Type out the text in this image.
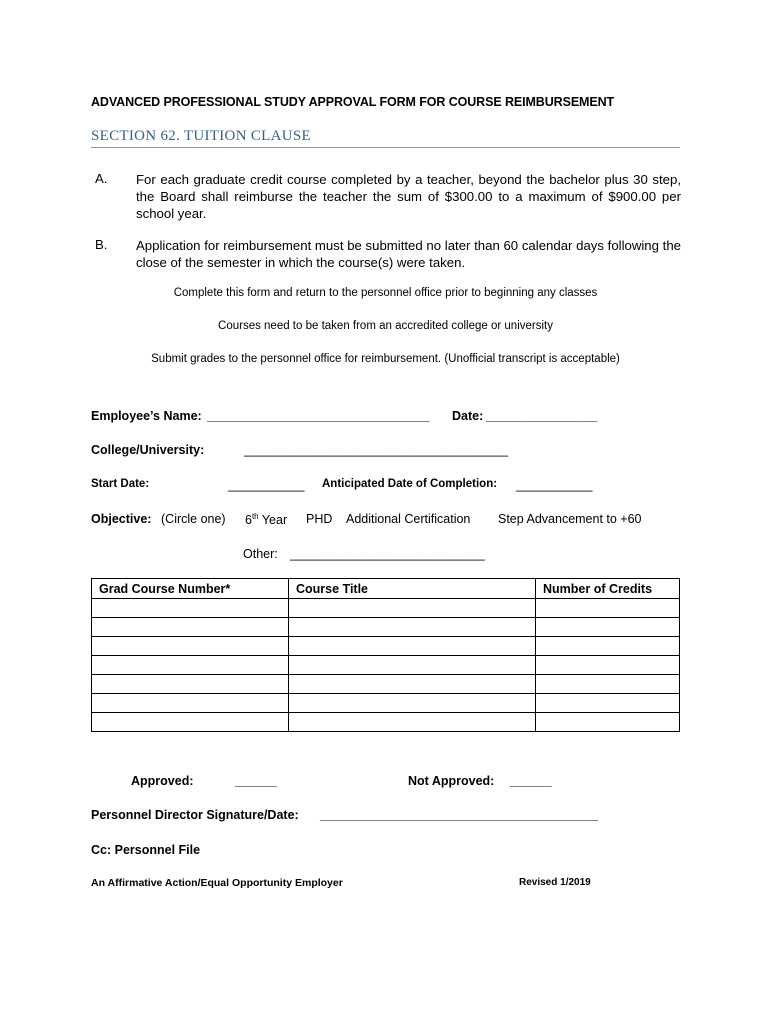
ADVANCED PROFESSIONAL STUDY APPROVAL FORM FOR COURSE REIMBURSEMENT
SECTION 62. TUITION CLAUSE
A. For each graduate credit course completed by a teacher, beyond the bachelor plus 30 step, the Board shall reimburse the teacher the sum of $300.00 to a maximum of $900.00 per school year.
B. Application for reimbursement must be submitted no later than 60 calendar days following the close of the semester in which the course(s) were taken.
Complete this form and return to the personnel office prior to beginning any classes
Courses need to be taken from an accredited college or university
Submit grades to the personnel office for reimbursement. (Unofficial transcript is acceptable)
Employee’s Name: ________________________________ Date: ________________
College/University:	______________________________________
Start Date:	___________ Anticipated Date of Completion: ___________
Objective: (Circle one) 6th Year PHD Additional Certification Step Advancement to +60
Other: ____________________________
Grad Course Number*	Course Title	Number of Credits

Approved:	______	Not Approved: ______
Personnel Director Signature/Date: ________________________________________
Cc: Personnel File
An Affirmative Action/Equal Opportunity Employer	Revised 1/2019
